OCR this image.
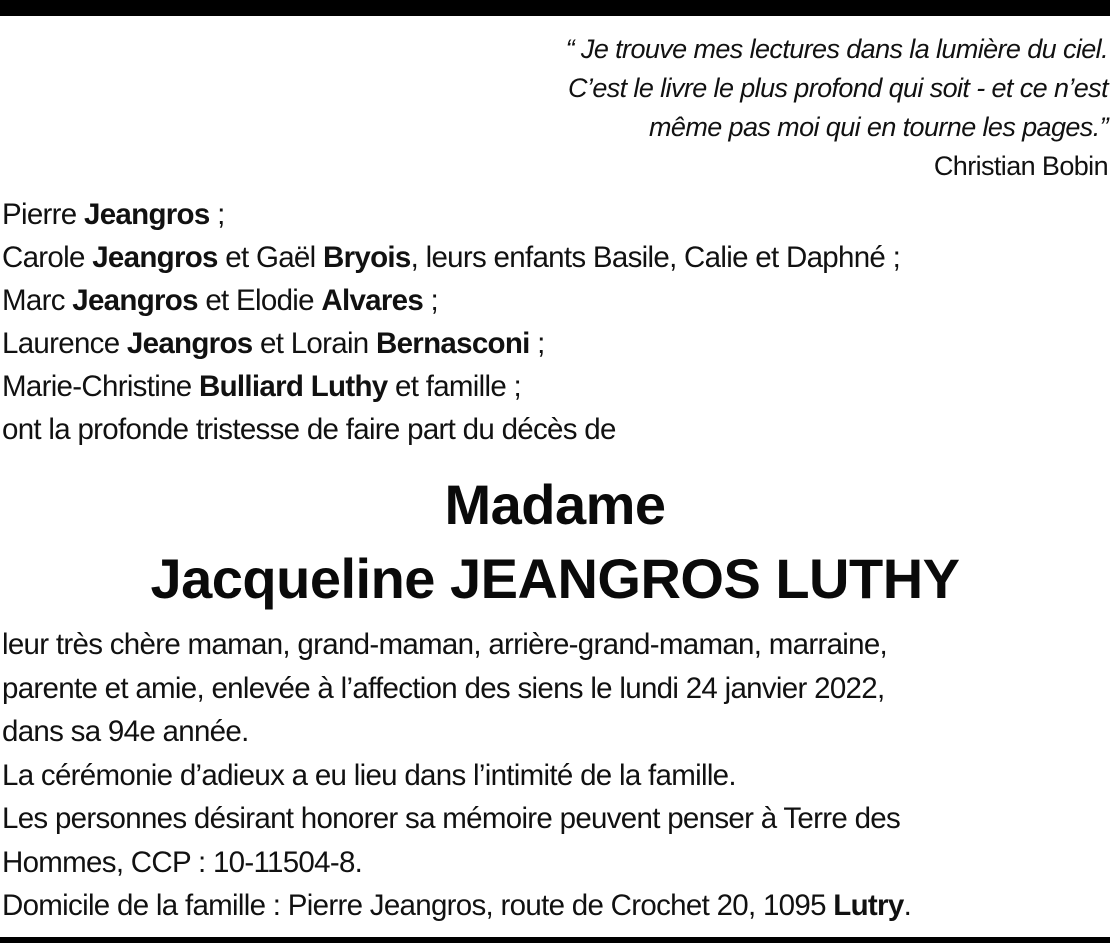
“ Je trouve mes lectures dans la lumière du ciel.
C’est le livre le plus profond qui soit - et ce n’est
même pas moi qui en tourne les pages.”
Christian Bobin
Pierre Jeangros ;
Carole Jeangros et Gaël Bryois, leurs enfants Basile, Calie et Daphné ;
Marc Jeangros et Elodie Alvares ;
Laurence Jeangros et Lorain Bernasconi ;
Marie-Christine Bulliard Luthy et famille ;
ont la profonde tristesse de faire part du décès de
Madame
Jacqueline JEANGROS LUTHY
leur très chère maman, grand-maman, arrière-grand-maman, marraine,
parente et amie, enlevée à l’affection des siens le lundi 24 janvier 2022,
dans sa 94e année.
La cérémonie d’adieux a eu lieu dans l’intimité de la famille.
Les personnes désirant honorer sa mémoire peuvent penser à Terre des
Hommes, CCP : 10-11504-8.
Domicile de la famille : Pierre Jeangros, route de Crochet 20, 1095 Lutry.
